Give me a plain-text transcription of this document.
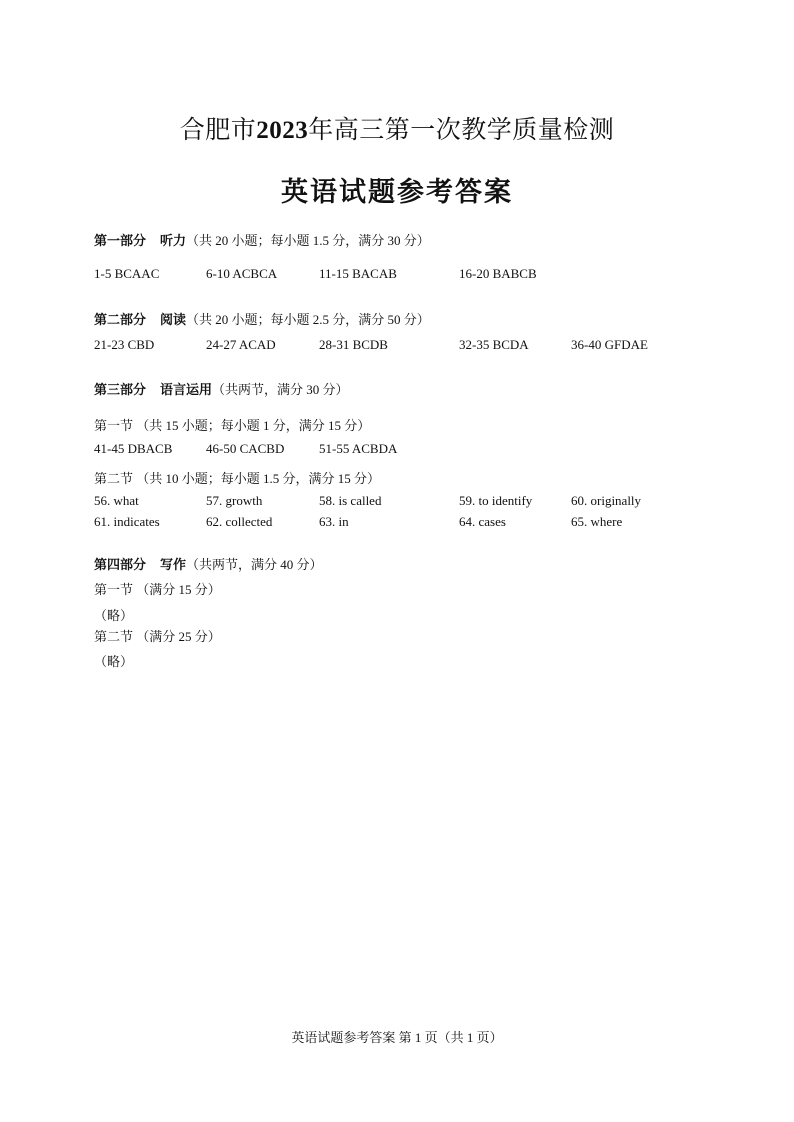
合肥市2023年高三第一次教学质量检测
英语试题参考答案
第一部分 听力（共 20 小题；每小题 1.5 分，满分 30 分）
1-5 BCAAC	6-10 ACBCA	11-15 BACAB	16-20 BABCB
第二部分 阅读（共 20 小题；每小题 2.5 分，满分 50 分）
21-23 CBD	24-27 ACAD	28-31 BCDB	32-35 BCDA	36-40 GFDAE
第三部分 语言运用（共两节，满分 30 分）
第一节 （共 15 小题；每小题 1 分，满分 15 分）
41-45 DBACB	46-50 CACBD	51-55 ACBDA
第二节 （共 10 小题；每小题 1.5 分，满分 15 分）
56. what	57. growth	58. is called	59. to identify	60. originally
61. indicates	62. collected	63. in	64. cases	65. where
第四部分 写作（共两节，满分 40 分）
第一节 （满分 15 分）
（略）
第二节 （满分 25 分）
（略）
英语试题参考答案 第 1 页（共 1 页）
